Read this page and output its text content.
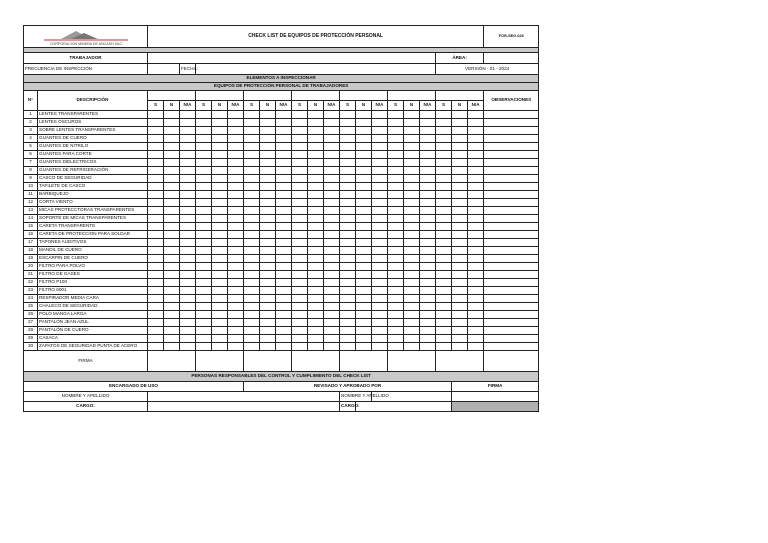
CORPORACION MINERA DE ANCASH SAC		CHECK LIST DE EQUIPOS DE PROTECCIÓN PERSONAL																					FOR-SEG-026

TRABAJADOR																				ÁREA:			
FRECUENCIA DE INSPECCIÓN				FECHA:																VERSIÓN - 01 - 2024			
ELEMENTOS A INSPECCIONAR																							
EQUIPOS DE PROTECCIÓN PERSONAL DE TRABAJADORES																							
N°	DESCRIPCIÓN																						OBSERVACIONES
		S	N	N/A	S	N	N/A	S	N	N/A	S	N	N/A	S	N	N/A	S	N	N/A	S	N	N/A	
1	LENTES TRANSPARENTES																						
2	LENTES OSCUROS																						
3	SOBRE LENTES TRANSPARENTES																						
4	GUANTES DE CUERO																						
5	GUANTES DE NITRILO																						
6	GUANTES PARA CORTE																						
7	GUANTES DIELECTRICOS																						
8	GUANTES DE REFRIGERACIÓN																						
9	CASCO DE SEGURIDAD																						
10	TAFILETE DE CASCO																						
11	BARBIQUEJO																						
12	CORTA VIENTO																						
13	MICAS PROTECCTORAS TRANSPARENTES																						
14	SOPORTE DE MICAS TRANSPARENTES																						
15	CARETA TRANSPARENTE																						
16	CARETA DE PROTECCION PARA SOLDAR																						
17	TAPONES AUDITIVOS																						
18	MANDIL DE CUERO																						
19	ESCARPIN DE CUERO																						
20	FILTRO PARA POLVO																						
21	FILTRO DE GASES																						
22	FILTRO P100																						
23	FILTRO 6001																						
24	RESPIRADOR MEDIA CARA																						
25	CHALECO DE SEGURIDAD																						
26	POLO MANGA LARGA																						
27	PANTALÓN JEAN AZUL																						
28	PANTALÓN DE CUERO																						
29	CASACA																						
30	ZAPATOS DE SEGURIDAD PUNTA DE ACERO																						
FIRMA																							
PERSONAS RESPONSABLES DEL CONTROL Y CUMPLIMIENTO DEL CHECK LIST																							
ENCARGADO DE USO								REVISADO Y APROBADO POR													FIRMA		
NOMBRE Y APELLIDO														NOMBRE Y APELLIDO									
CARGO:														CARGO:									
